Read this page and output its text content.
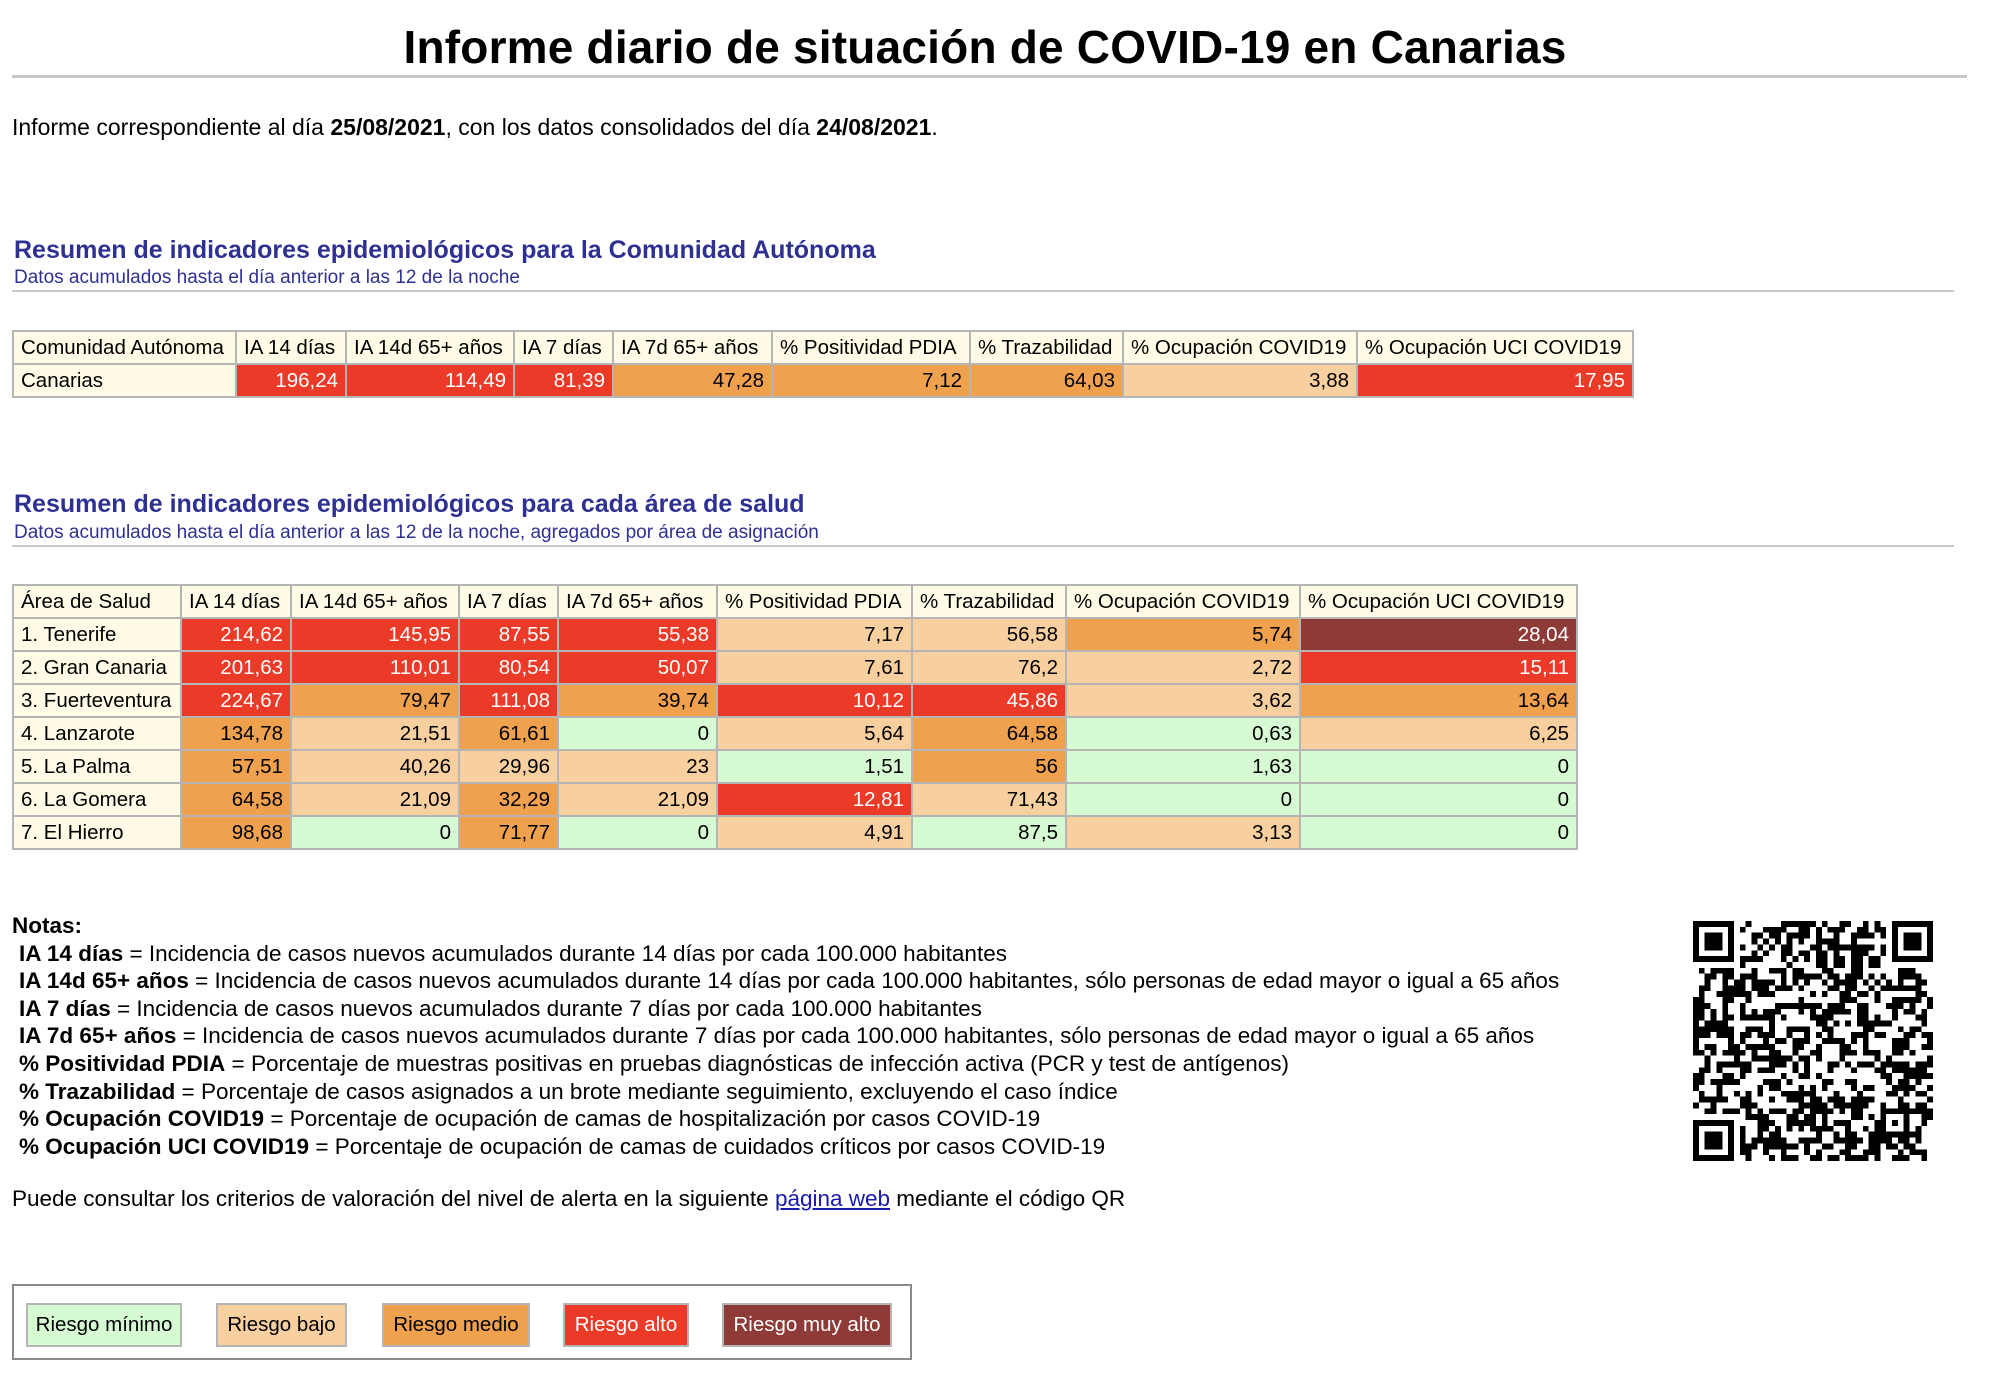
Informe diario de situación de COVID-19 en Canarias
Informe correspondiente al día 25/08/2021, con los datos consolidados del día 24/08/2021.
Resumen de indicadores epidemiológicos para la Comunidad Autónoma
Datos acumulados hasta el día anterior a las 12 de la noche
Comunidad Autónoma	IA 14 días	IA 14d 65+ años	IA 7 días	IA 7d 65+ años	% Positividad PDIA	% Trazabilidad	% Ocupación COVID19	% Ocupación UCI COVID19
Canarias	196,24	114,49	81,39	47,28	7,12	64,03	3,88	17,95
Resumen de indicadores epidemiológicos para cada área de salud
Datos acumulados hasta el día anterior a las 12 de la noche, agregados por área de asignación
Área de Salud	IA 14 días	IA 14d 65+ años	IA 7 días	IA 7d 65+ años	% Positividad PDIA	% Trazabilidad	% Ocupación COVID19	% Ocupación UCI COVID19
1. Tenerife	214,62	145,95	87,55	55,38	7,17	56,58	5,74	28,04
2. Gran Canaria	201,63	110,01	80,54	50,07	7,61	76,2	2,72	15,11
3. Fuerteventura	224,67	79,47	111,08	39,74	10,12	45,86	3,62	13,64
4. Lanzarote	134,78	21,51	61,61	0	5,64	64,58	0,63	6,25
5. La Palma	57,51	40,26	29,96	23	1,51	56	1,63	0
6. La Gomera	64,58	21,09	32,29	21,09	12,81	71,43	0	0
7. El Hierro	98,68	0	71,77	0	4,91	87,5	3,13	0
Notas:
IA 14 días = Incidencia de casos nuevos acumulados durante 14 días por cada 100.000 habitantes
IA 14d 65+ años = Incidencia de casos nuevos acumulados durante 14 días por cada 100.000 habitantes, sólo personas de edad mayor o igual a 65 años
IA 7 días = Incidencia de casos nuevos acumulados durante 7 días por cada 100.000 habitantes
IA 7d 65+ años = Incidencia de casos nuevos acumulados durante 7 días por cada 100.000 habitantes, sólo personas de edad mayor o igual a 65 años
% Positividad PDIA = Porcentaje de muestras positivas en pruebas diagnósticas de infección activa (PCR y test de antígenos)
% Trazabilidad = Porcentaje de casos asignados a un brote mediante seguimiento, excluyendo el caso índice
% Ocupación COVID19 = Porcentaje de ocupación de camas de hospitalización por casos COVID-19
% Ocupación UCI COVID19 = Porcentaje de ocupación de camas de cuidados críticos por casos COVID-19
Puede consultar los criterios de valoración del nivel de alerta en la siguiente página web mediante el código QR
Riesgo mínimo	Riesgo bajo	Riesgo medio	Riesgo alto	Riesgo muy alto
